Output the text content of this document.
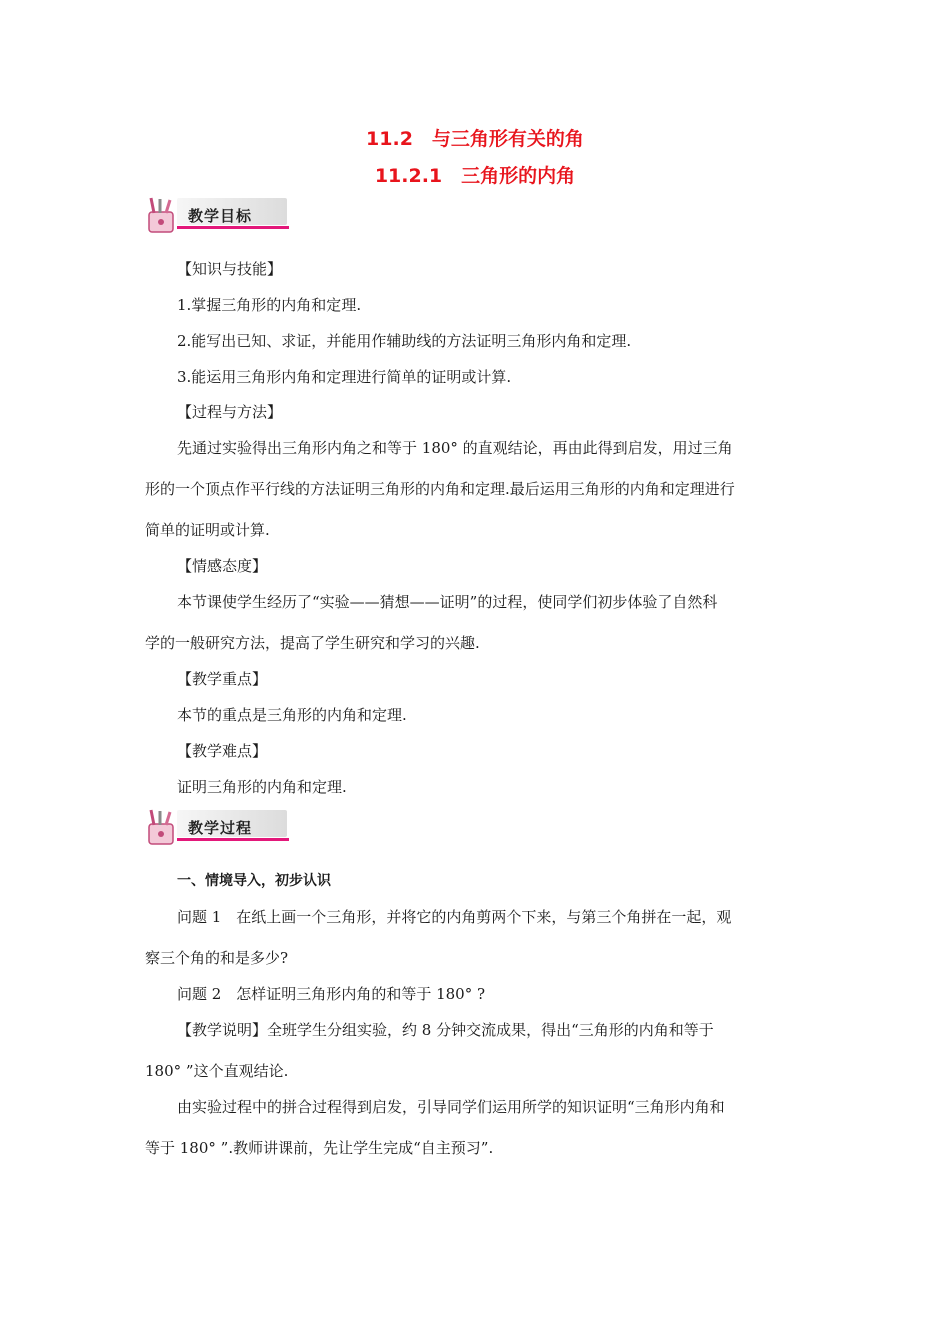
11.2　与三角形有关的角
11.2.1　三角形的内角
教学目标
【知识与技能】
1.掌握三角形的内角和定理.
2.能写出已知、求证，并能用作辅助线的方法证明三角形内角和定理.
3.能运用三角形内角和定理进行简单的证明或计算.
【过程与方法】
先通过实验得出三角形内角之和等于 180° 的直观结论，再由此得到启发，用过三角
形的一个顶点作平行线的方法证明三角形的内角和定理.最后运用三角形的内角和定理进行
简单的证明或计算.
【情感态度】
本节课使学生经历了“实验——猜想——证明”的过程，使同学们初步体验了自然科
学的一般研究方法，提高了学生研究和学习的兴趣.
【教学重点】
本节的重点是三角形的内角和定理.
【教学难点】
证明三角形的内角和定理.
教学过程
一、情境导入，初步认识
问题 1　在纸上画一个三角形，并将它的内角剪两个下来，与第三个角拼在一起，观
察三个角的和是多少?
问题 2　怎样证明三角形内角的和等于 180° ?
【教学说明】全班学生分组实验，约 8 分钟交流成果，得出“三角形的内角和等于
180° ”这个直观结论.
由实验过程中的拼合过程得到启发，引导同学们运用所学的知识证明“三角形内角和
等于 180° ”.教师讲课前，先让学生完成“自主预习”.
